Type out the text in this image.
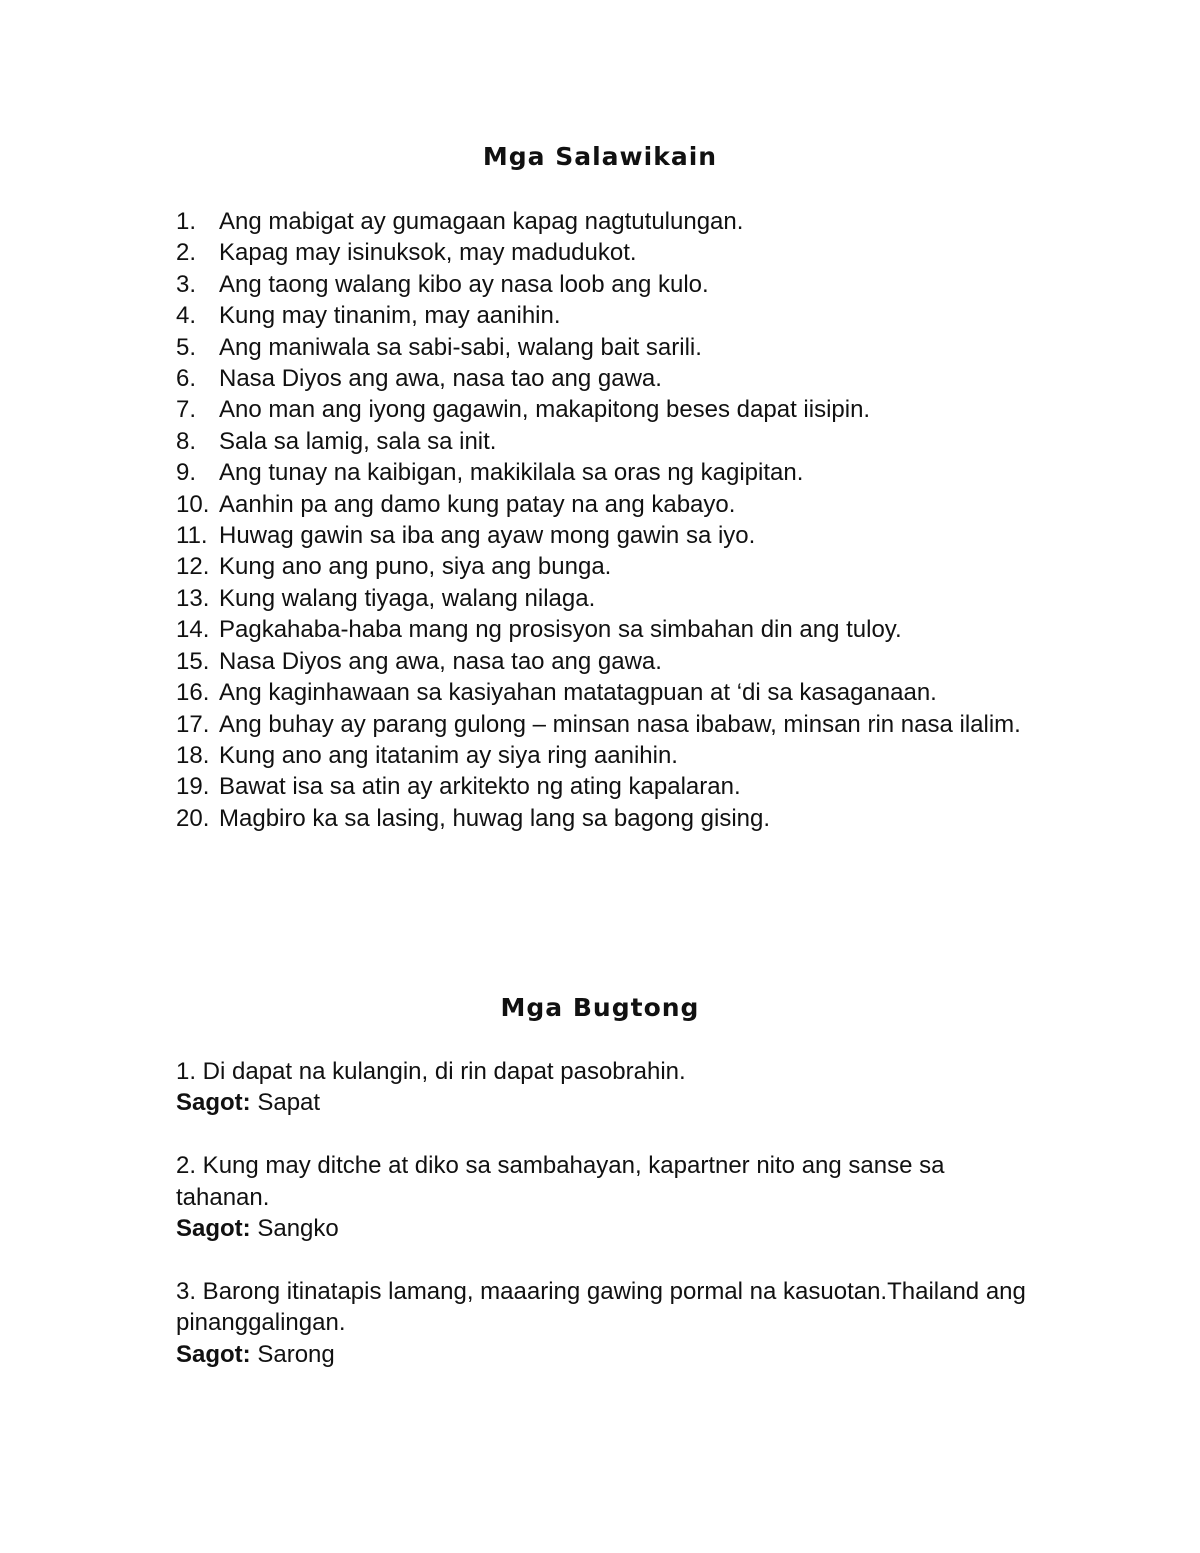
Mga Salawikain
1. Ang mabigat ay gumagaan kapag nagtutulungan.
2. Kapag may isinuksok, may madudukot.
3. Ang taong walang kibo ay nasa loob ang kulo.
4. Kung may tinanim, may aanihin.
5. Ang maniwala sa sabi-sabi, walang bait sarili.
6. Nasa Diyos ang awa, nasa tao ang gawa.
7. Ano man ang iyong gagawin, makapitong beses dapat iisipin.
8. Sala sa lamig, sala sa init.
9. Ang tunay na kaibigan, makikilala sa oras ng kagipitan.
10. Aanhin pa ang damo kung patay na ang kabayo.
11. Huwag gawin sa iba ang ayaw mong gawin sa iyo.
12. Kung ano ang puno, siya ang bunga.
13. Kung walang tiyaga, walang nilaga.
14. Pagkahaba-haba mang ng prosisyon sa simbahan din ang tuloy.
15. Nasa Diyos ang awa, nasa tao ang gawa.
16. Ang kaginhawaan sa kasiyahan matatagpuan at ‘di sa kasaganaan.
17. Ang buhay ay parang gulong – minsan nasa ibabaw, minsan rin nasa ilalim.
18. Kung ano ang itatanim ay siya ring aanihin.
19. Bawat isa sa atin ay arkitekto ng ating kapalaran.
20. Magbiro ka sa lasing, huwag lang sa bagong gising.
Mga Bugtong

1. Di dapat na kulangin, di rin dapat pasobrahin.

Sagot: Sapat

2. Kung may ditche at diko sa sambahayan, kapartner nito ang sanse sa tahanan.

Sagot: Sangko

3. Barong itinatapis lamang, maaaring gawing pormal na kasuotan.Thailand ang pinanggalingan.

Sagot: Sarong
